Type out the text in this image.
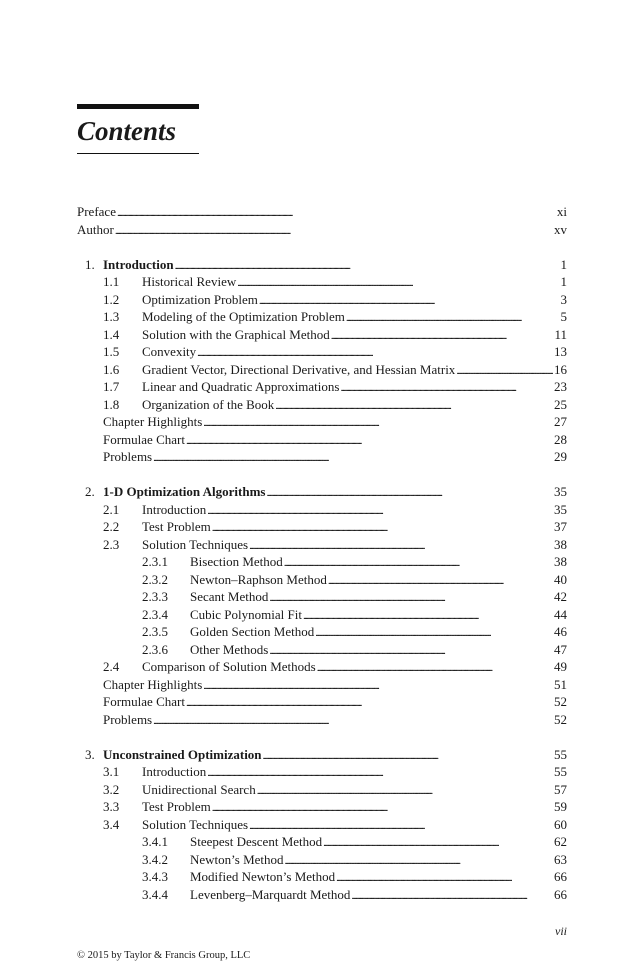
Contents
Preface . . .	xi
Author . . .	xv
1. Introduction . . .	1
1.1	Historical Review . . .	1
1.2	Optimization Problem . . .	3
1.3	Modeling of the Optimization Problem . . .	5
1.4	Solution with the Graphical Method . . .	11
1.5	Convexity . . .	13
1.6	Gradient Vector, Directional Derivative, and Hessian Matrix . . .	16
1.7	Linear and Quadratic Approximations . . .	23
1.8	Organization of the Book . . .	25
Chapter Highlights . . .	27
Formulae Chart . . .	28
Problems . . .	29
2. 1-D Optimization Algorithms . . .	35
2.1	Introduction . . .	35
2.2	Test Problem . . .	37
2.3	Solution Techniques . . .	38
2.3.1	Bisection Method . . .	38
2.3.2	Newton–Raphson Method . . .	40
2.3.3	Secant Method . . .	42
2.3.4	Cubic Polynomial Fit . . .	44
2.3.5	Golden Section Method . . .	46
2.3.6	Other Methods . . .	47
2.4	Comparison of Solution Methods . . .	49
Chapter Highlights . . .	51
Formulae Chart . . .	52
Problems . . .	52
3. Unconstrained Optimization . . .	55
3.1	Introduction . . .	55
3.2	Unidirectional Search . . .	57
3.3	Test Problem . . .	59
3.4	Solution Techniques . . .	60
3.4.1	Steepest Descent Method . . .	62
3.4.2	Newton’s Method . . .	63
3.4.3	Modified Newton’s Method . . .	66
3.4.4	Levenberg–Marquardt Method . . .	66
vii
© 2015 by Taylor & Francis Group, LLC
